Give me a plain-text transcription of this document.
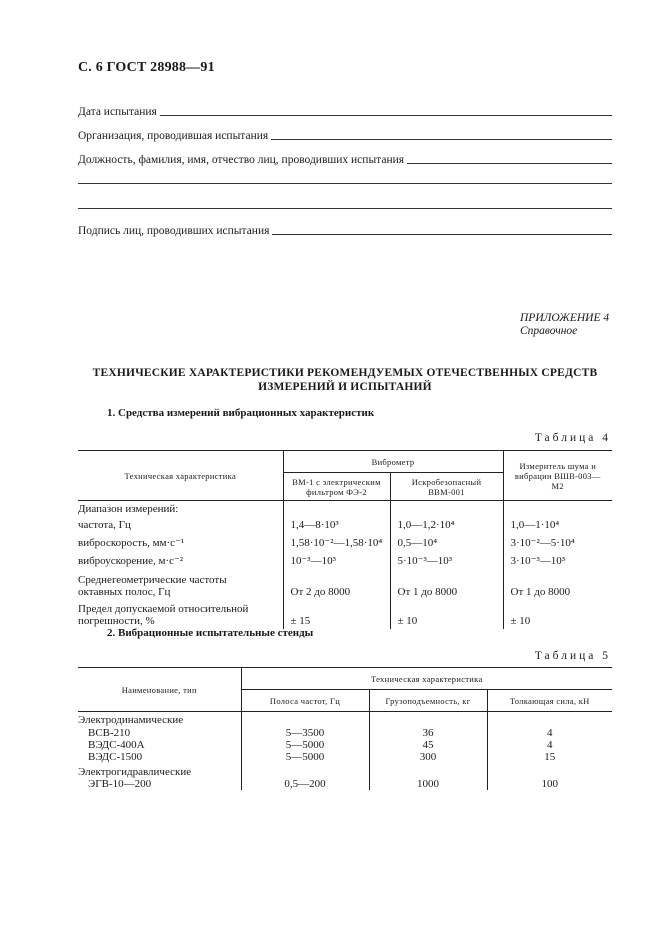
С. 6 ГОСТ 28988—91
Дата испытания
Организация, проводившая испытания
Должность, фамилия, имя, отчество лиц, проводивших испытания
Подпись лиц, проводивших испытания
ПРИЛОЖЕНИЕ 4
Справочное
ТЕХНИЧЕСКИЕ ХАРАКТЕРИСТИКИ РЕКОМЕНДУЕМЫХ ОТЕЧЕСТВЕННЫХ СРЕДСТВ ИЗМЕРЕНИЙ И ИСПЫТАНИЙ
1. Средства измерений вибрационных характеристик
Таблица 4
Техническая характеристика	Виброметр		Измеритель шума и вибрации ВШВ-003—М2
	ВМ-1 с электрическим фильтром ФЭ-2	Искробезопасный ВВМ-001	
Диапазон измерений:			
частота, Гц	1,4—8·10³	1,0—1,2·10⁴	1,0—1·10⁴
виброскорость, мм·с⁻¹	1,58·10⁻²—1,58·10⁴	0,5—10⁴	3·10⁻²—5·10⁴
виброускорение, м·с⁻²	10⁻³—10³	5·10⁻³—10³	3·10⁻³—10³

Среднегеометрические частоты
октавных полос, Гц	От 2 до 8000	От 1 до 8000	От 1 до 8000

Предел допускаемой относительной
погрешности, %	± 15	± 10	± 10
2. Вибрационные испытательные стенды
Таблица 5
Наименование, тип	Техническая характеристика		
	Полоса частот, Гц	Грузоподъемность, кг	Толкающая сила, кН
Электродинамические			
ВСВ-210	5—3500	36	4
ВЭДС-400А	5—5000	45	4
ВЭДС-1500	5—5000	300	15
Электрогидравлические			
ЭГВ-10—200	0,5—200	1000	100
